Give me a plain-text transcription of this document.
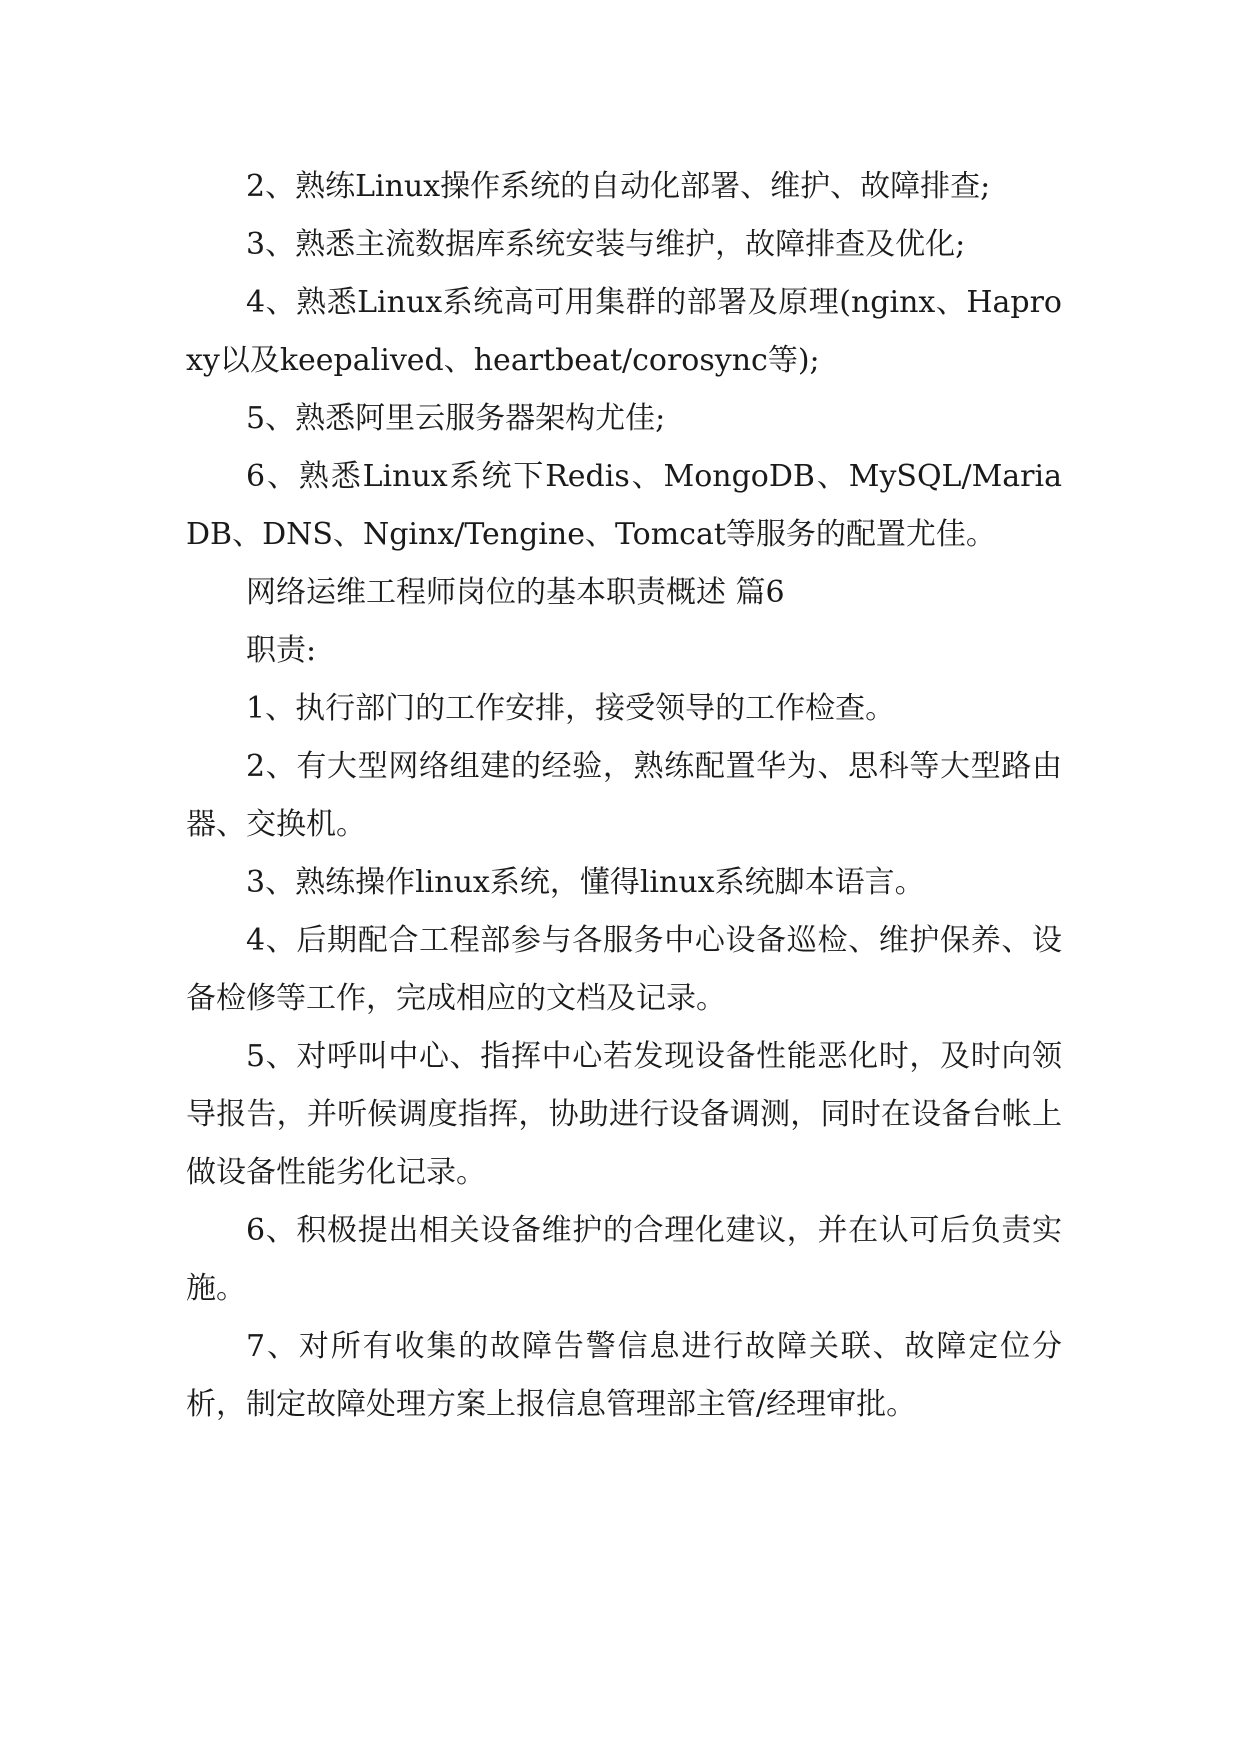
2、熟练Linux操作系统的自动化部署、维护、故障排查;

3、熟悉主流数据库系统安装与维护，故障排查及优化;

4、熟悉Linux系统高可用集群的部署及原理(nginx、Haproxy以及keepalived、heartbeat/corosync等);

5、熟悉阿里云服务器架构尤佳;

6、熟悉Linux系统下Redis、MongoDB、MySQL/MariaDB、DNS、Nginx/Tengine、Tomcat等服务的配置尤佳。

网络运维工程师岗位的基本职责概述 篇6

职责:

1、执行部门的工作安排，接受领导的工作检查。

2、有大型网络组建的经验，熟练配置华为、思科等大型路由器、交换机。

3、熟练操作linux系统，懂得linux系统脚本语言。

4、后期配合工程部参与各服务中心设备巡检、维护保养、设备检修等工作，完成相应的文档及记录。

5、对呼叫中心、指挥中心若发现设备性能恶化时，及时向领导报告，并听候调度指挥，协助进行设备调测，同时在设备台帐上做设备性能劣化记录。

6、积极提出相关设备维护的合理化建议，并在认可后负责实施。

7、对所有收集的故障告警信息进行故障关联、故障定位分析，制定故障处理方案上报信息管理部主管/经理审批。
